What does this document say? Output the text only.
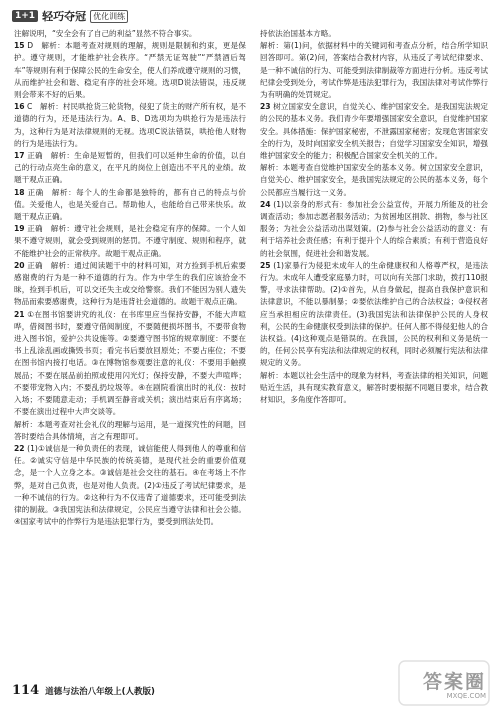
1+1 轻巧夺冠 优化训练

注解说明，“安全会有了自己的利益”显然不符合事实。

15 D　解析：本题考查对规则的理解，规则是限制和约束，更是保护。遵守规则，才能维护社会秩序。“严禁无证驾驶”“严禁酒后驾车”等规则有利于保障公民的生命安全，使人们养成遵守规则的习惯，从而维护社会和谐、稳定有序的社会环境。选项D说法错误，违反规则会带来不好的后果。

16 C　解析：村民哄抢货三轮货物，侵犯了货主的财产所有权，是不道德的行为，还是违法行为。A、B、D选项均为哄抢行为是违法行为，这种行为是对法律规则的无视。选项C说法错误，哄抢他人财物的行为是违法行为。

17 正确　解析：生命是短暂的，但我们可以延伸生命的价值，以自己的行动点亮生命的意义，在平凡的岗位上创造出不平凡的业绩。故题干观点正确。

18 正确　解析：每个人的生命都是独特的，都有自己的特点与价值。关爱他人，也是关爱自己。帮助他人，也能给自己带来快乐。故题干观点正确。

19 正确　解析：遵守社会规则，是社会稳定有序的保障。一个人如果不遵守规则，就会受到规则的惩罚。不遵守制度、规则和程序，就不能维护社会的正常秩序。故题干观点正确。

20 正确　解析：通过阅读题干中的材料可知，对方捡到手机后索要感谢费的行为是一种不道德的行为。作为中学生的我们应该拾金不昧，捡到手机后，可以交还失主或交给警察。我们不能因为别人遗失物品而索要感谢费，这种行为是违背社会道德的。故题干观点正确。

21 ①在图书馆要讲究的礼仪：在书库里应当保持安静，不能大声喧哗，借阅图书时，要遵守借阅制度，不要随便损坏图书，不要带食物进入图书馆，爱护公共设施等。②要遵守图书馆的规章制度：不要在书上乱涂乱画或撕毁书页；看完书后要放回原处；不要占座位；不要在图书馆内接打电话。③在博物馆参观要注意的礼仪：不要用手触摸展品；不要在展品前拍照或使用闪光灯；保持安静，不要大声喧哗；不要带宠物入内；不要乱扔垃圾等。④在剧院看演出时的礼仪：按时入场；不要随意走动；手机调至静音或关机；演出结束后有序离场；不要在演出过程中大声交谈等。

解析：本题考查对社会礼仪的理解与运用，是一道探究性的问题，回答时要结合具体情境，言之有理即可。

22 (1)①诚信是一种负责任的表现，诚信能使人得到他人的尊重和信任。②诚实守信是中华民族的传统美德，是现代社会的重要价值观念，是一个人立身之本。③诚信是社会交往的基石。④在考场上不作弊，是对自己负责，也是对他人负责。(2)①违反了考试纪律要求，是一种不诚信的行为。②这种行为不仅违背了道德要求，还可能受到法律的制裁。③我国宪法和法律规定，公民应当遵守法律和社会公德。④国家考试中的作弊行为是违法犯罪行为，要受到刑法处罚。

持依法治国基本方略。

解析：第(1)问，依据材料中的关键词和考查点分析，结合所学知识回答即可。第(2)问，答案结合教材内容，从违反了考试纪律要求、是一种不诚信的行为、可能受到法律制裁等方面进行分析。违反考试纪律会受到处分，考试作弊是违法犯罪行为，我国法律对考试作弊行为有明确的处罚规定。

23 树立国家安全意识，自觉关心、维护国家安全。是我国宪法规定的公民的基本义务。我们青少年要增强国家安全意识，自觉维护国家安全。具体措施：保护国家秘密，不泄露国家秘密；发现危害国家安全的行为，及时向国家安全机关报告；自觉学习国家安全知识，增强维护国家安全的能力；积极配合国家安全机关的工作。

解析：本题考查自觉维护国家安全的基本义务。树立国家安全意识，自觉关心、维护国家安全，是我国宪法规定的公民的基本义务，每个公民都应当履行这一义务。

24 (1)以亲身的形式有：参加社会公益宣传，开展力所能及的社会调查活动；参加志愿者服务活动；为贫困地区捐款、捐物，参与社区服务；为社会公益活动出谋划策。(2)参与社会公益活动的意义：有利于培养社会责任感；有利于提升个人的综合素质；有利于营造良好的社会氛围，促进社会和谐发展。

25 (1)家暴行为侵犯未成年人的生命健康权和人格尊严权，是违法行为。未成年人遭受家庭暴力时，可以向有关部门求助，拨打110报警，寻求法律帮助。(2)①首先，从自身做起，提高自我保护意识和法律意识，不能以暴制暴；②要依法维护自己的合法权益；③侵权者应当承担相应的法律责任。(3)我国宪法和法律保护公民的人身权利，公民的生命健康权受到法律的保护。任何人都不得侵犯他人的合法权益。(4)这种观点是错误的。在我国，公民的权利和义务是统一的，任何公民享有宪法和法律规定的权利，同时必须履行宪法和法律规定的义务。

解析：本题以社会生活中的现象为材料，考查法律的相关知识，问题贴近生活，具有现实教育意义，解答时要根据不同题目要求，结合教材知识，多角度作答即可。

114 道德与法治八年级上(人教版)	答案圈
MXQE.COM
